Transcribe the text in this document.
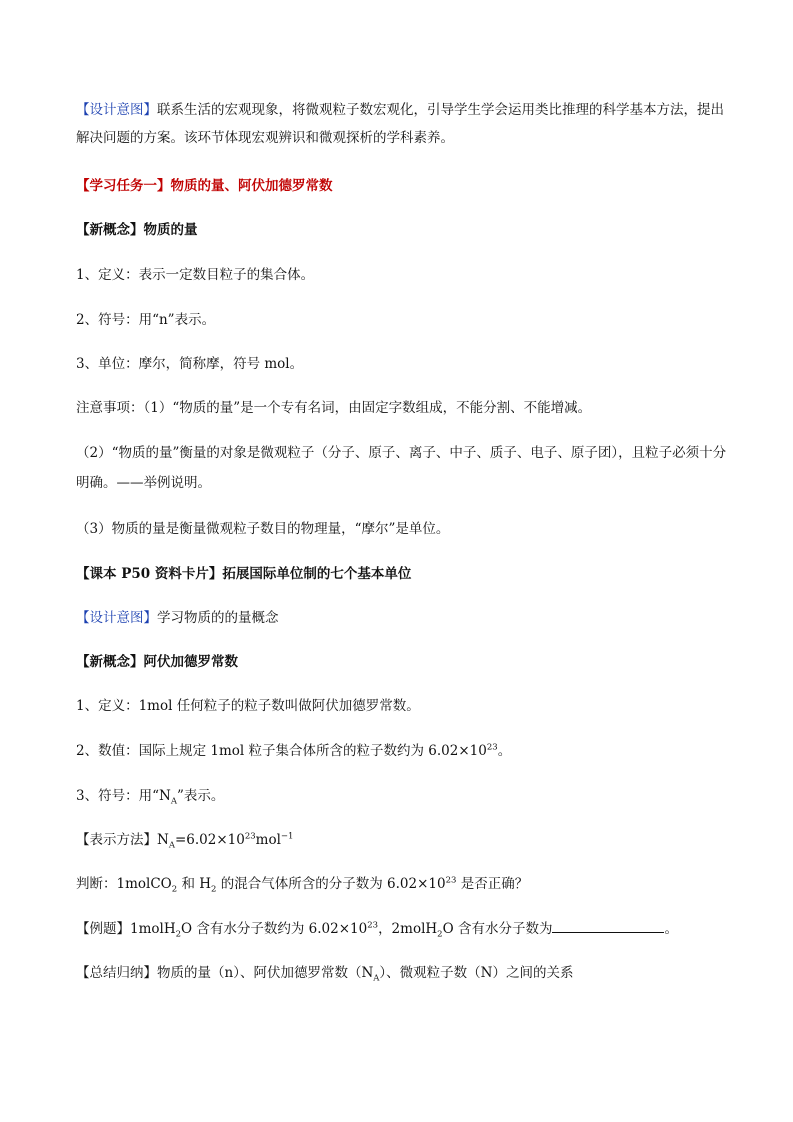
【设计意图】联系生活的宏观现象，将微观粒子数宏观化，引导学生学会运用类比推理的科学基本方法，提出解决问题的方案。该环节体现宏观辨识和微观探析的学科素养。
【学习任务一】物质的量、阿伏加德罗常数
【新概念】物质的量
1、定义：表示一定数目粒子的集合体。
2、符号：用“n”表示。
3、单位：摩尔，简称摩，符号 mol。
注意事项：（1）“物质的量”是一个专有名词，由固定字数组成，不能分割、不能增减。
（2）“物质的量”衡量的对象是微观粒子（分子、原子、离子、中子、质子、电子、原子团），且粒子必须十分明确。——举例说明。
（3）物质的量是衡量微观粒子数目的物理量，“摩尔”是单位。
【课本 P50 资料卡片】拓展国际单位制的七个基本单位
【设计意图】学习物质的的量概念
【新概念】阿伏加德罗常数
1、定义：1mol 任何粒子的粒子数叫做阿伏加德罗常数。
2、数值：国际上规定 1mol 粒子集合体所含的粒子数约为 $6.02\times 10^{23}$。
3、符号：用“$N_A$”表示。
【表示方法】$N_A=6.02\times 10^{23}mol^{-1}$
判断：1molCO$_2$ 和 $H_2$ 的混合气体所含的分子数为 $6.02\times 10^{23}$ 是否正确？
【例题】1molH$_2$O 含有水分子数约为 $6.02\times 10^{23}$，2molH$_2$O 含有水分子数为	。
【总结归纳】物质的量（n）、阿伏加德罗常数$(N_A)$、微观粒子数（N）之间的关系
